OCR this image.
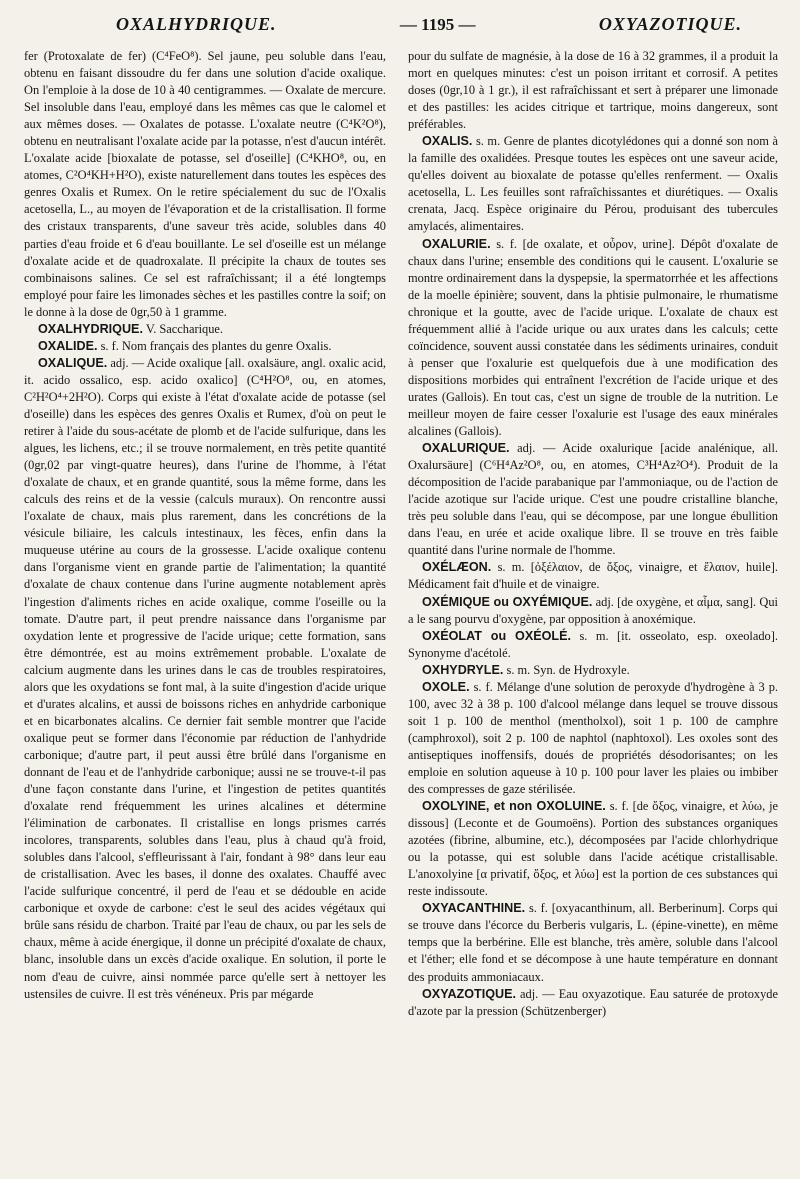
OXALHYDRIQUE.	— 1195 —	OXYAZOTIQUE.

fer (Protoxalate de fer) (C⁴FeO⁸). Sel jaune, peu soluble dans l'eau, obtenu en faisant dissoudre du fer dans une solution d'acide oxalique. On l'emploie à la dose de 10 à 40 centigrammes. — Oxalate de mercure. Sel insoluble dans l'eau, employé dans les mêmes cas que le calomel et aux mêmes doses. — Oxalates de potasse. L'oxalate neutre (C⁴K²O⁸), obtenu en neutralisant l'oxalate acide par la potasse, n'est d'aucun intérêt. L'oxalate acide [bioxalate de potasse, sel d'oseille] (C⁴KHO⁸, ou, en atomes, C²O⁴KH+H²O), existe naturellement dans toutes les espèces des genres Oxalis et Rumex. On le retire spécialement du suc de l'Oxalis acetosella, L., au moyen de l'évaporation et de la cristallisation. Il forme des cristaux transparents, d'une saveur très acide, solubles dans 40 parties d'eau froide et 6 d'eau bouillante. Le sel d'oseille est un mélange d'oxalate acide et de quadroxalate. Il précipite la chaux de toutes ses combinaisons salines. Ce sel est rafraîchissant; il a été longtemps employé pour faire les limonades sèches et les pastilles contre la soif; on le donne à la dose de 0gr,50 à 1 gramme.

OXALHYDRIQUE. V. Saccharique.

OXALIDE. s. f. Nom français des plantes du genre Oxalis.

OXALIQUE. adj. — Acide oxalique [all. oxalsäure, angl. oxalic acid, it. acido ossalico, esp. acido oxalico] (C⁴H²O⁸, ou, en atomes, C²H²O⁴+2H²O). Corps qui existe à l'état d'oxalate acide de potasse (sel d'oseille) dans les espèces des genres Oxalis et Rumex, d'où on peut le retirer à l'aide du sous-acétate de plomb et de l'acide sulfurique, dans les algues, les lichens, etc.; il se trouve normalement, en très petite quantité (0gr,02 par vingt-quatre heures), dans l'urine de l'homme, à l'état d'oxalate de chaux, et en grande quantité, sous la même forme, dans les calculs des reins et de la vessie (calculs muraux). On rencontre aussi l'oxalate de chaux, mais plus rarement, dans les concrétions de la vésicule biliaire, les calculs intestinaux, les fèces, enfin dans la muqueuse utérine au cours de la grossesse. L'acide oxalique contenu dans l'organisme vient en grande partie de l'alimentation; la quantité d'oxalate de chaux contenue dans l'urine augmente notablement après l'ingestion d'aliments riches en acide oxalique, comme l'oseille ou la tomate. D'autre part, il peut prendre naissance dans l'organisme par oxydation lente et progressive de l'acide urique; cette formation, sans être démontrée, est au moins extrêmement probable. L'oxalate de calcium augmente dans les urines dans le cas de troubles respiratoires, alors que les oxydations se font mal, à la suite d'ingestion d'acide urique et d'urates alcalins, et aussi de boissons riches en anhydride carbonique et en bicarbonates alcalins. Ce dernier fait semble montrer que l'acide oxalique peut se former dans l'économie par réduction de l'anhydride carbonique; d'autre part, il peut aussi être brûlé dans l'organisme en donnant de l'eau et de l'anhydride carbonique; aussi ne se trouve-t-il pas d'une façon constante dans l'urine, et l'ingestion de petites quantités d'oxalate rend fréquemment les urines alcalines et détermine l'élimination de carbonates. Il cristallise en longs prismes carrés incolores, transparents, solubles dans l'eau, plus à chaud qu'à froid, solubles dans l'alcool, s'effleurissant à l'air, fondant à 98° dans leur eau de cristallisation. Avec les bases, il donne des oxalates. Chauffé avec l'acide sulfurique concentré, il perd de l'eau et se dédouble en acide carbonique et oxyde de carbone: c'est le seul des acides végétaux qui brûle sans résidu de charbon. Traité par l'eau de chaux, ou par les sels de chaux, même à acide énergique, il donne un précipité d'oxalate de chaux, blanc, insoluble dans un excès d'acide oxalique. En solution, il porte le nom d'eau de cuivre, ainsi nommée parce qu'elle sert à nettoyer les ustensiles de cuivre. Il est très vénéneux. Pris par mégarde

pour du sulfate de magnésie, à la dose de 16 à 32 grammes, il a produit la mort en quelques minutes: c'est un poison irritant et corrosif. A petites doses (0gr,10 à 1 gr.), il est rafraîchissant et sert à préparer une limonade et des pastilles: les acides citrique et tartrique, moins dangereux, sont préférables.

OXALIS. s. m. Genre de plantes dicotylédones qui a donné son nom à la famille des oxalidées. Presque toutes les espèces ont une saveur acide, qu'elles doivent au bioxalate de potasse qu'elles renferment. — Oxalis acetosella, L. Les feuilles sont rafraîchissantes et diurétiques. — Oxalis crenata, Jacq. Espèce originaire du Pérou, produisant des tubercules amylacés, alimentaires.

OXALURIE. s. f. [de oxalate, et οὖρον, urine]. Dépôt d'oxalate de chaux dans l'urine; ensemble des conditions qui le causent. L'oxalurie se montre ordinairement dans la dyspepsie, la spermatorrhée et les affections de la moelle épinière; souvent, dans la phtisie pulmonaire, le rhumatisme chronique et la goutte, avec de l'acide urique. L'oxalate de chaux est fréquemment allié à l'acide urique ou aux urates dans les calculs; cette coïncidence, souvent aussi constatée dans les sédiments urinaires, conduit à penser que l'oxalurie est quelquefois due à une modification des dispositions morbides qui entraînent l'excrétion de l'acide urique et des urates (Gallois). En tout cas, c'est un signe de trouble de la nutrition. Le meilleur moyen de faire cesser l'oxalurie est l'usage des eaux minérales alcalines (Gallois).

OXALURIQUE. adj. — Acide oxalurique [acide analénique, all. Oxalursäure] (C⁶H⁴Az²O⁸, ou, en atomes, C³H⁴Az²O⁴). Produit de la décomposition de l'acide parabanique par l'ammoniaque, ou de l'action de l'acide azotique sur l'acide urique. C'est une poudre cristalline blanche, très peu soluble dans l'eau, qui se décompose, par une longue ébullition dans l'eau, en urée et acide oxalique libre. Il se trouve en très faible quantité dans l'urine normale de l'homme.

OXÉLÆON. s. m. [ὀξέλαιον, de ὄξος, vinaigre, et ἔλαιον, huile]. Médicament fait d'huile et de vinaigre.

OXÉMIQUE ou OXYÉMIQUE. adj. [de oxygène, et αἷμα, sang]. Qui a le sang pourvu d'oxygène, par opposition à anoxémique.

OXÉOLAT ou OXÉOLÉ. s. m. [it. osseolato, esp. oxeolado]. Synonyme d'acétolé.

OXHYDRYLE. s. m. Syn. de Hydroxyle.

OXOLE. s. f. Mélange d'une solution de peroxyde d'hydrogène à 3 p. 100, avec 32 à 38 p. 100 d'alcool mélange dans lequel se trouve dissous soit 1 p. 100 de menthol (mentholxol), soit 1 p. 100 de camphre (camphroxol), soit 2 p. 100 de naphtol (naphtoxol). Les oxoles sont des antiseptiques inoffensifs, doués de propriétés désodorisantes; on les emploie en solution aqueuse à 10 p. 100 pour laver les plaies ou imbiber des compresses de gaze stérilisée.

OXOLYINE, et non OXOLUINE. s. f. [de ὄξος, vinaigre, et λύω, je dissous] (Leconte et de Goumoëns). Portion des substances organiques azotées (fibrine, albumine, etc.), décomposées par l'acide chlorhydrique ou la potasse, qui est soluble dans l'acide acétique cristallisable. L'anoxolyine [α privatif, ὄξος, et λύω] est la portion de ces substances qui reste indissoute.

OXYACANTHINE. s. f. [oxyacanthinum, all. Berberinum]. Corps qui se trouve dans l'écorce du Berberis vulgaris, L. (épine-vinette), en même temps que la berbérine. Elle est blanche, très amère, soluble dans l'alcool et l'éther; elle fond et se décompose à une haute température en donnant des produits ammoniacaux.

OXYAZOTIQUE. adj. — Eau oxyazotique. Eau saturée de protoxyde d'azote par la pression (Schützenberger)
